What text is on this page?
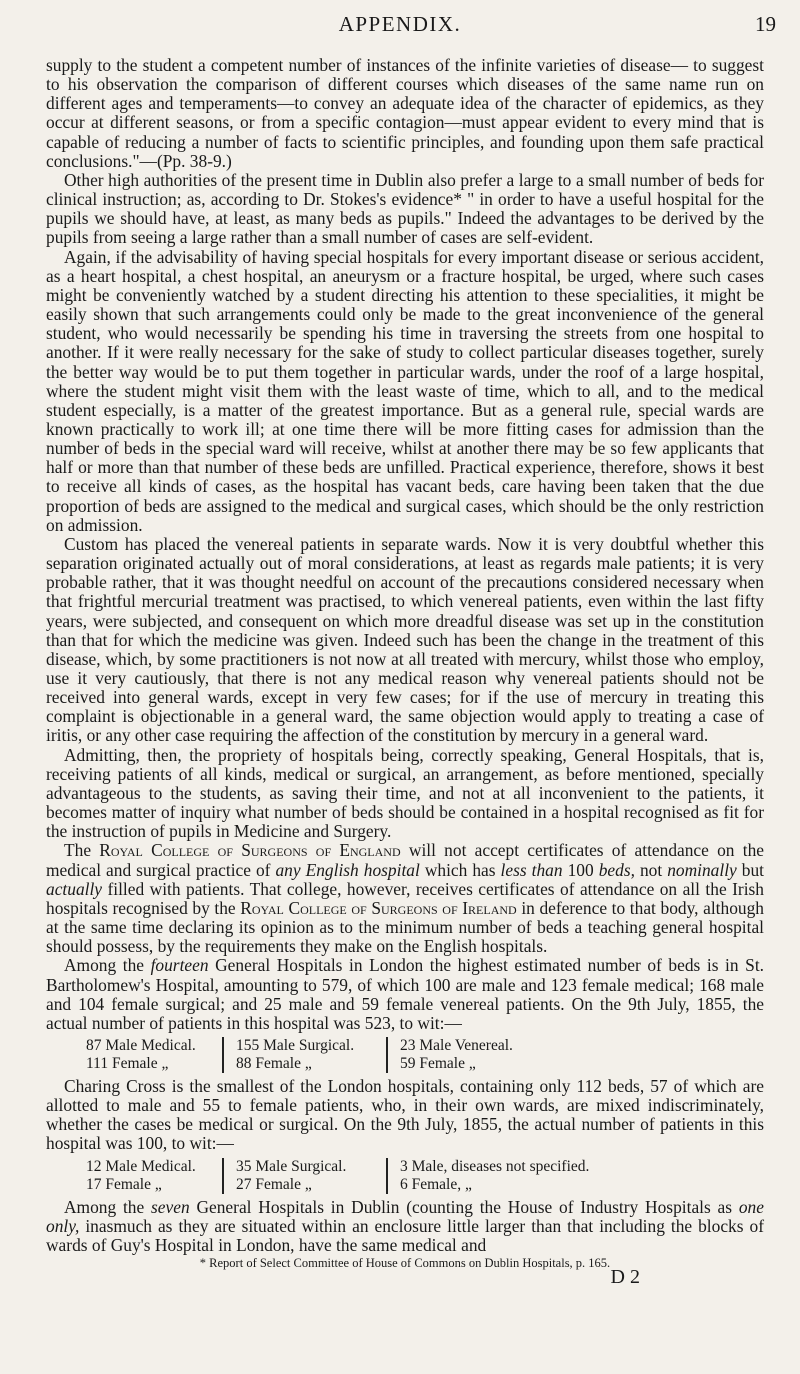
APPENDIX.	19

supply to the student a competent number of instances of the infinite varieties of disease— to suggest to his observation the comparison of different courses which diseases of the same name run on different ages and temperaments—to convey an adequate idea of the character of epidemics, as they occur at different seasons, or from a specific contagion—must appear evident to every mind that is capable of reducing a number of facts to scientific principles, and founding upon them safe practical conclusions."—(Pp. 38-9.)

Other high authorities of the present time in Dublin also prefer a large to a small number of beds for clinical instruction; as, according to Dr. Stokes's evidence* " in order to have a useful hospital for the pupils we should have, at least, as many beds as pupils." Indeed the advantages to be derived by the pupils from seeing a large rather than a small number of cases are self-evident.

Again, if the advisability of having special hospitals for every important disease or serious accident, as a heart hospital, a chest hospital, an aneurysm or a fracture hospital, be urged, where such cases might be conveniently watched by a student directing his attention to these specialities, it might be easily shown that such arrangements could only be made to the great inconvenience of the general student, who would necessarily be spending his time in traversing the streets from one hospital to another. If it were really necessary for the sake of study to collect particular diseases together, surely the better way would be to put them together in particular wards, under the roof of a large hospital, where the student might visit them with the least waste of time, which to all, and to the medical student especially, is a matter of the greatest importance. But as a general rule, special wards are known practically to work ill; at one time there will be more fitting cases for admission than the number of beds in the special ward will receive, whilst at another there may be so few applicants that half or more than that number of these beds are unfilled. Practical experience, therefore, shows it best to receive all kinds of cases, as the hospital has vacant beds, care having been taken that the due proportion of beds are assigned to the medical and surgical cases, which should be the only restriction on admission.

Custom has placed the venereal patients in separate wards. Now it is very doubtful whether this separation originated actually out of moral considerations, at least as regards male patients; it is very probable rather, that it was thought needful on account of the precautions considered necessary when that frightful mercurial treatment was practised, to which venereal patients, even within the last fifty years, were subjected, and consequent on which more dreadful disease was set up in the constitution than that for which the medicine was given. Indeed such has been the change in the treatment of this disease, which, by some practitioners is not now at all treated with mercury, whilst those who employ, use it very cautiously, that there is not any medical reason why venereal patients should not be received into general wards, except in very few cases; for if the use of mercury in treating this complaint is objectionable in a general ward, the same objection would apply to treating a case of iritis, or any other case requiring the affection of the constitution by mercury in a general ward.

Admitting, then, the propriety of hospitals being, correctly speaking, General Hospitals, that is, receiving patients of all kinds, medical or surgical, an arrangement, as before mentioned, specially advantageous to the students, as saving their time, and not at all inconvenient to the patients, it becomes matter of inquiry what number of beds should be contained in a hospital recognised as fit for the instruction of pupils in Medicine and Surgery.

The Royal College of Surgeons of England will not accept certificates of attendance on the medical and surgical practice of any English hospital which has less than 100 beds, not nominally but actually filled with patients. That college, however, receives certificates of attendance on all the Irish hospitals recognised by the Royal College of Surgeons of Ireland in deference to that body, although at the same time declaring its opinion as to the minimum number of beds a teaching general hospital should possess, by the requirements they make on the English hospitals.

Among the fourteen General Hospitals in London the highest estimated number of beds is in St. Bartholomew's Hospital, amounting to 579, of which 100 are male and 123 female medical; 168 male and 104 female surgical; and 25 male and 59 female venereal patients. On the 9th July, 1855, the actual number of patients in this hospital was 523, to wit:—

87 Male Medical.
111 Female „
155 Male Surgical.
88 Female „
23 Male Venereal.
59 Female „

Charing Cross is the smallest of the London hospitals, containing only 112 beds, 57 of which are allotted to male and 55 to female patients, who, in their own wards, are mixed indiscriminately, whether the cases be medical or surgical. On the 9th July, 1855, the actual number of patients in this hospital was 100, to wit:—

12 Male Medical.
17 Female „
35 Male Surgical.
27 Female „
3 Male, diseases not specified.
6 Female, „

Among the seven General Hospitals in Dublin (counting the House of Industry Hospitals as one only, inasmuch as they are situated within an enclosure little larger than that including the blocks of wards of Guy's Hospital in London, have the same medical and

* Report of Select Committee of House of Commons on Dublin Hospitals, p. 165.
D 2
